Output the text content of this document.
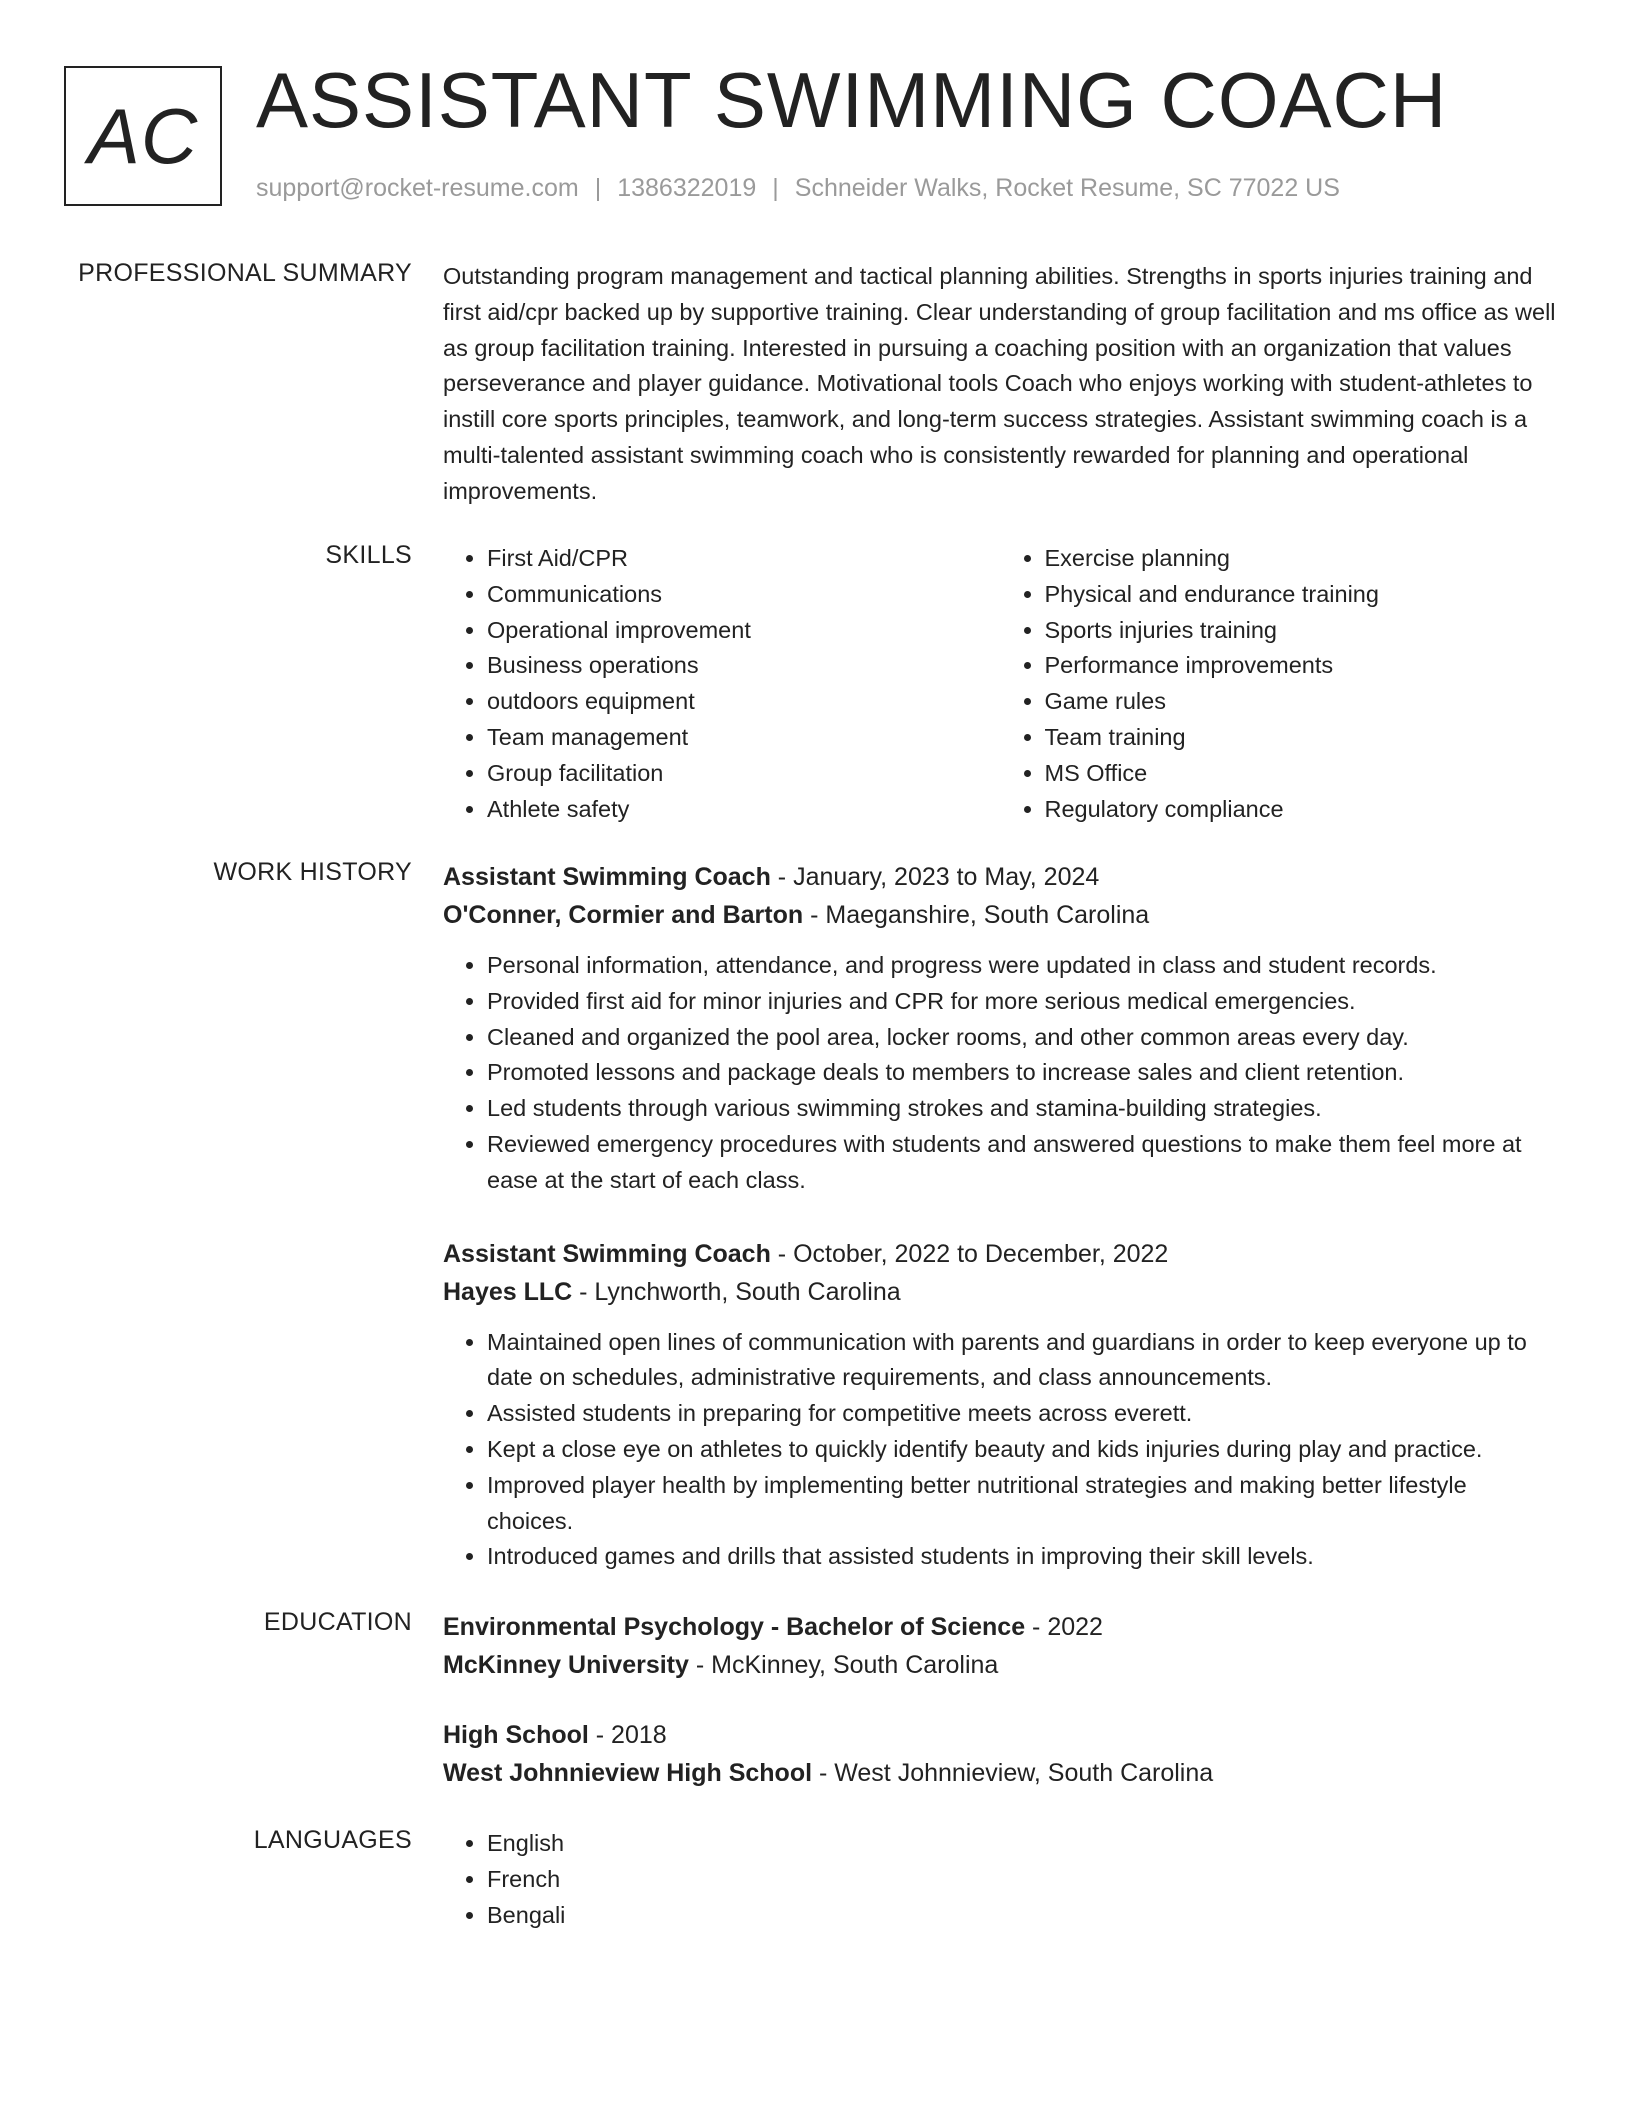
AC ASSISTANT SWIMMING COACH
support@rocket-resume.com | 1386322019 | Schneider Walks, Rocket Resume, SC 77022 US
PROFESSIONAL SUMMARY Outstanding program management and tactical planning abilities. Strengths in sports injuries training and first aid/cpr backed up by supportive training. Clear understanding of group facilitation and ms office as well as group facilitation training. Interested in pursuing a coaching position with an organization that values perseverance and player guidance. Motivational tools Coach who enjoys working with student-athletes to instill core sports principles, teamwork, and long-term success strategies. Assistant swimming coach is a multi-talented assistant swimming coach who is consistently rewarded for planning and operational improvements.
SKILLS	• First Aid/CPR
• Communications
• Operational improvement
• Business operations
• outdoors equipment
• Team management
• Group facilitation
• Athlete safety
• Exercise planning
• Physical and endurance training
• Sports injuries training
• Performance improvements
• Game rules
• Team training
• MS Office
• Regulatory compliance
WORK HISTORY Assistant Swimming Coach - January, 2023 to May, 2024
O'Conner, Cormier and Barton - Maeganshire, South Carolina
• Personal information, attendance, and progress were updated in class and student records.
• Provided first aid for minor injuries and CPR for more serious medical emergencies.
• Cleaned and organized the pool area, locker rooms, and other common areas every day.
• Promoted lessons and package deals to members to increase sales and client retention.
• Led students through various swimming strokes and stamina-building strategies.
• Reviewed emergency procedures with students and answered questions to make them feel more at ease at the start of each class.
Assistant Swimming Coach - October, 2022 to December, 2022
Hayes LLC - Lynchworth, South Carolina
• Maintained open lines of communication with parents and guardians in order to keep everyone up to date on schedules, administrative requirements, and class announcements.
• Assisted students in preparing for competitive meets across everett.
• Kept a close eye on athletes to quickly identify beauty and kids injuries during play and practice.
• Improved player health by implementing better nutritional strategies and making better lifestyle choices.
• Introduced games and drills that assisted students in improving their skill levels.
EDUCATION Environmental Psychology - Bachelor of Science - 2022
McKinney University - McKinney, South Carolina
High School - 2018
West Johnnieview High School - West Johnnieview, South Carolina
LANGUAGES	• English
• French
• Bengali
